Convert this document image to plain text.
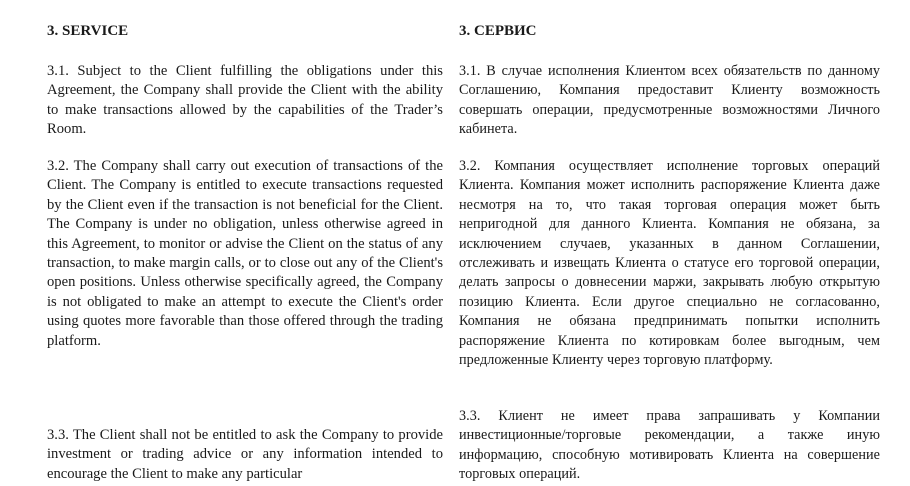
3. SERVICE

3.1. Subject to the Client fulfilling the obligations under this Agreement, the Company shall provide the Client with the ability to make transactions allowed by the capabilities of the Trader’s Room.

3.2. The Company shall carry out execution of transactions of the Client. The Company is entitled to execute transactions requested by the Client even if the transaction is not beneficial for the Client. The Company is under no obligation, unless otherwise agreed in this Agreement, to monitor or advise the Client on the status of any transaction, to make margin calls, or to close out any of the Client's open positions. Unless otherwise specifically agreed, the Company is not obligated to make an attempt to execute the Client's order using quotes more favorable than those offered through the trading platform.

3.3. The Client shall not be entitled to ask the Company to provide investment or trading advice or any information intended to encourage the Client to make any particular

3. СЕРВИС

3.1. В случае исполнения Клиентом всех обязательств по данному Соглашению, Компания предоставит Клиенту возможность совершать операции, предусмотренные возможностями Личного кабинета.

3.2. Компания осуществляет исполнение торговых операций Клиента. Компания может исполнить распоряжение Клиента даже несмотря на то, что такая торговая операция может быть непригодной для данного Клиента. Компания не обязана, за исключением случаев, указанных в данном Соглашении, отслеживать и извещать Клиента о статусе его торговой операции, делать запросы о довнесении маржи, закрывать любую открытую позицию Клиента. Если другое специально не согласованно, Компания не обязана предпринимать попытки исполнить распоряжение Клиента по котировкам более выгодным, чем предложенные Клиенту через торговую платформу.

3.3. Клиент не имеет права запрашивать у Компании инвестиционные/торговые рекомендации, а также иную информацию, способную мотивировать Клиента на совершение торговых операций.
